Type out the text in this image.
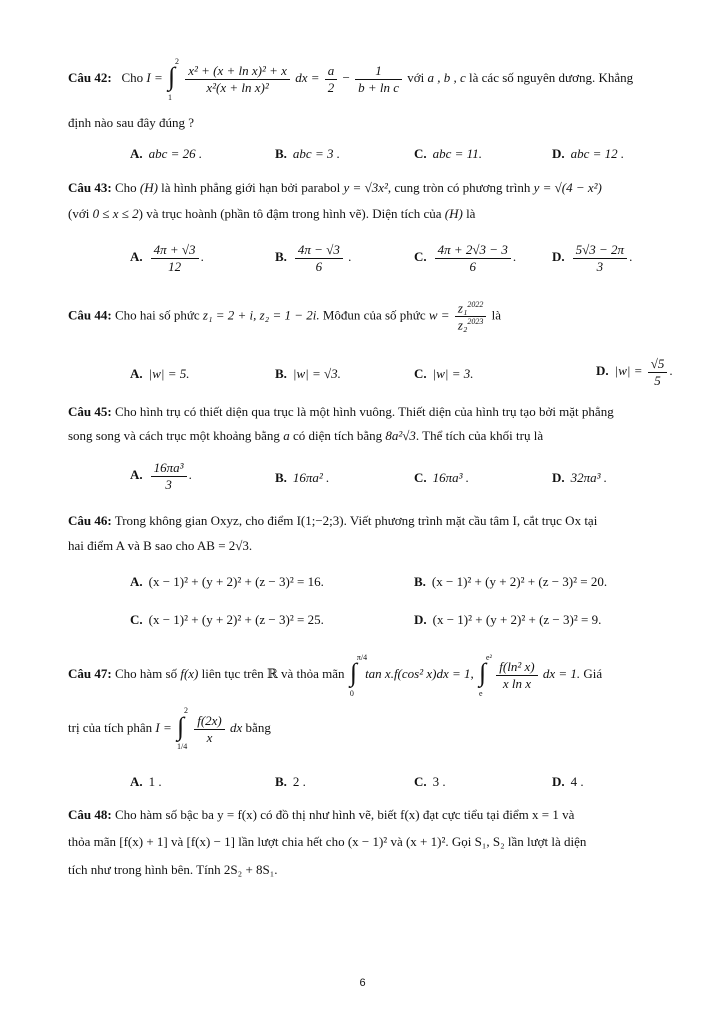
Câu 42: Cho I = ∫
2
1

$\frac{\text{x² + (x + ln x)² + x}}{\text{x²(x + ln x)²}}$ dx = $\frac{a}{2} - \frac{1}{\text{b + ln c}}$ với a , b , c là các số nguyên dương. Khẳng
định nào sau đây đúng ?
A. abc = 26 .	B. abc = 3 .	C. abc = 11.	D. abc = 12 .
Câu 43: Cho (H) là hình phẳng giới hạn bởi parabol y = √3x², cung tròn có phương trình y = √(4 − x²)
(với 0 ≤ x ≤ 2) và trục hoành (phần tô đậm trong hình vẽ). Diện tích của (H) là
A. $\frac{4\pi + √3}{12}$ .	B. $\frac{4\pi - √3}{6}$ .	C. $\frac{4\pi + 2√3 - 3}{6}$ .	D. $\frac{5√3 - 2\pi}{3}$ .
Câu 44: Cho hai số phức z₁ = 2 + i, z₂ = 1 − 2i. Môđun của số phức $w = \frac{z_1^{2022}}{z_2^{2023}}$ là
A. |w| = 5.	B. |w| = √3.	C. |w| = 3.	D. $|w| = \frac{√5}{5}$ .
Câu 45: Cho hình trụ có thiết diện qua trục là một hình vuông. Thiết diện của hình trụ tạo bởi mặt phẳng
song song và cách trục một khoảng bằng a có diện tích bằng 8a²√3. Thể tích của khối trụ là
A. $\frac{\text{16πa³}}{3}$ .	B. 16πa² .	C. 16πa³ .	D. 32πa³ .
Câu 46: Trong không gian Oxyz, cho điểm I(1;−2;3). Viết phương trình mặt cầu tâm I, cắt trục Ox tại
hai điểm A và B sao cho AB = 2√3.
A. (x − 1)² + (y + 2)² + (z − 3)² = 16.	B. (x − 1)² + (y + 2)² + (z − 3)² = 20.
C. (x − 1)² + (y + 2)² + (z − 3)² = 25.	D. (x − 1)² + (y + 2)² + (z − 3)² = 9.
Câu 47: Cho hàm số f(x) liên tục trên ℝ và thỏa mãn ∫
π/4
0
tan x.f(cos² x)dx = 1, ∫
e²
e

$\frac{\text{f(ln² x)}}{\text{x ln x}}$ dx = 1. Giá
trị của tích phân I = ∫
2
1/4

$\frac{f(2x)}{x}$ dx bằng
A. 1 .	B. 2 .	C. 3 .	D. 4 .
Câu 48: Cho hàm số bậc ba y = f(x) có đồ thị như hình vẽ, biết f(x) đạt cực tiểu tại điểm x = 1 và
thỏa mãn [f(x) + 1] và [f(x) − 1] lần lượt chia hết cho (x − 1)² và (x + 1)². Gọi S₁, S₂ lần lượt là diện
tích như trong hình bên. Tính 2S₂ + 8S₁.
6
